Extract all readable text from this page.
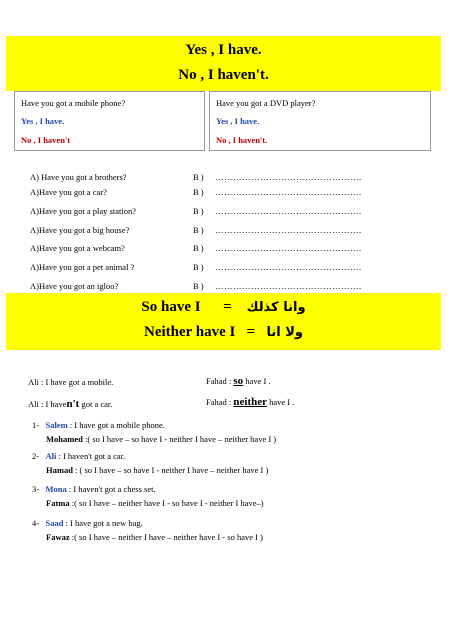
Yes , I have.
No , I haven't.
Have you got a mobile phone?
Yes , I have.
No , I haven't
Have you got a DVD player?
Yes , I have.
No , I haven't.
A) Have you got a brothers?	B ) ………………………………………….
A)Have you got a car?	B ) ………………………………………….
A)Have you got a play station?	B ) ………………………………………….
A)Have you got a big house?	B ) ………………………………………….
A)Have you got a webcam?	B ) ………………………………………….
A)Have you got a pet animal ?	B ) ………………………………………….
A)Have you got an igloo?	B ) ………………………………………….
So have I = وانا كذلك
Neither have I = ولا انا
Ali : I have got a mobile.	Fahad : so have I .
Ali : I haven't got a car.	Fahad : neither have I .
1- Salem : I have got a mobile phone.
Mohamed :( so I have – so have I - neither I have – neither have I )
2- Ali : I haven't got a car.
Hamad : ( so I have – so have I - neither I have – neither have I )
3- Mona : I haven't got a chess set.
Fatma :( so I have – neither have I - so have I - neither I have–)
4- Saad : I have got a new bag.
Fawaz :( so I have – neither I have – neither have I - so have I )
